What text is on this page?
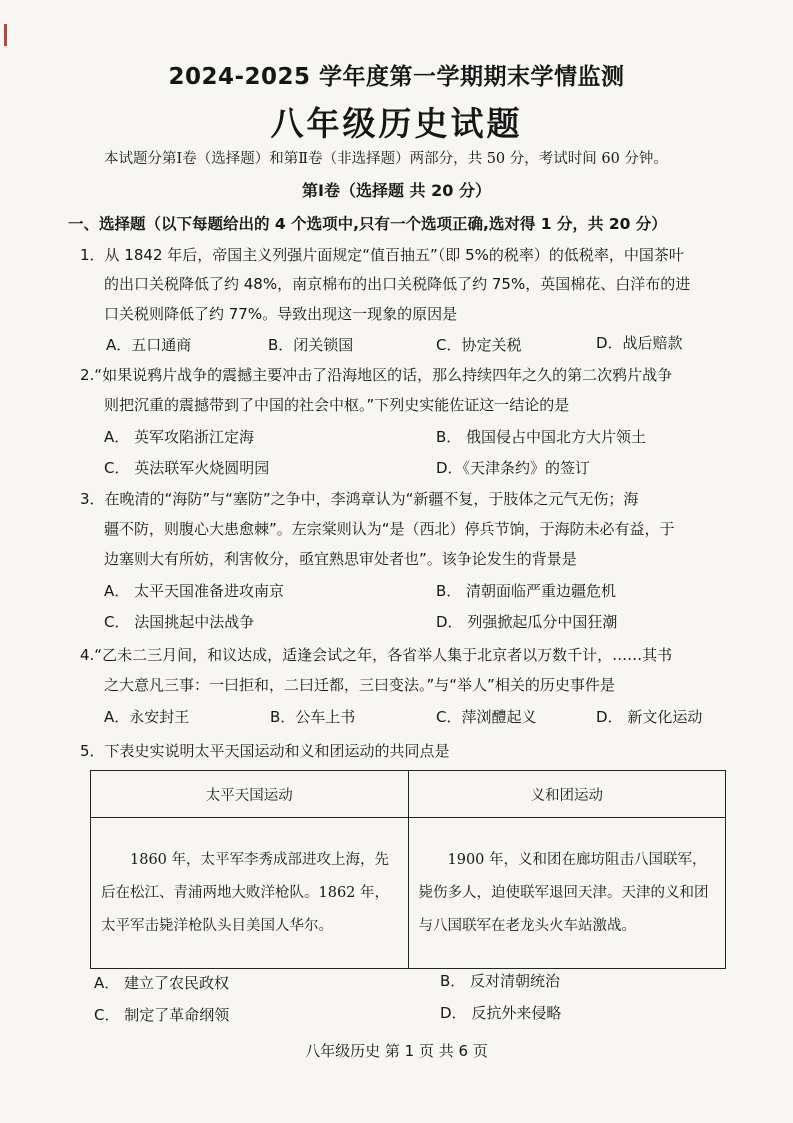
2024-2025 学年度第一学期期末学情监测
八年级历史试题
本试题分第Ⅰ卷（选择题）和第Ⅱ卷（非选择题）两部分，共 50 分，考试时间 60 分钟。
第Ⅰ卷（选择题 共 20 分）
一、选择题（以下每题给出的 4 个选项中,只有一个选项正确,选对得 1 分，共 20 分）
1．从 1842 年后，帝国主义列强片面规定“值百抽五”（即 5%的税率）的低税率，中国茶叶
的出口关税降低了约 48%，南京棉布的出口关税降低了约 75%，英国棉花、白洋布的进
口关税则降低了约 77%。导致出现这一现象的原因是
A．五口通商	B．闭关锁国	C．协定关税	D．战后赔款
2.“如果说鸦片战争的震撼主要冲击了沿海地区的话，那么持续四年之久的第二次鸦片战争
则把沉重的震撼带到了中国的社会中枢。”下列史实能佐证这一结论的是
A． 英军攻陷浙江定海	B． 俄国侵占中国北方大片领土
C． 英法联军火烧圆明园	D．《天津条约》的签订
3．在晚清的“海防”与“塞防”之争中，李鸿章认为“新疆不复，于肢体之元气无伤；海
疆不防，则腹心大患愈棘”。左宗棠则认为“是（西北）停兵节饷，于海防未必有益，于
边塞则大有所妨，利害攸分，亟宜熟思审处者也”。该争论发生的背景是
A． 太平天国准备进攻南京	B． 清朝面临严重边疆危机
C． 法国挑起中法战争	D． 列强掀起瓜分中国狂潮
4.“乙未二三月间，和议达成，适逢会试之年，各省举人集于北京者以万数千计，……其书
之大意凡三事：一曰拒和，二曰迁都，三曰变法。”与“举人”相关的历史事件是
A．永安封王	B．公车上书	C．萍浏醴起义	D． 新文化运动
5．下表史实说明太平天国运动和义和团运动的共同点是
太平天国运动	义和团运动

1860 年，太平军李秀成部进攻上海，先后在松江、青浦两地大败洋枪队。1862 年，太平军击毙洋枪队头目美国人华尔。	1900 年，义和团在廊坊阻击八国联军，毙伤多人，迫使联军退回天津。天津的义和团与八国联军在老龙头火车站激战。
A． 建立了农民政权	B． 反对清朝统治
C． 制定了革命纲领	D． 反抗外来侵略
八年级历史 第 1 页 共 6 页
